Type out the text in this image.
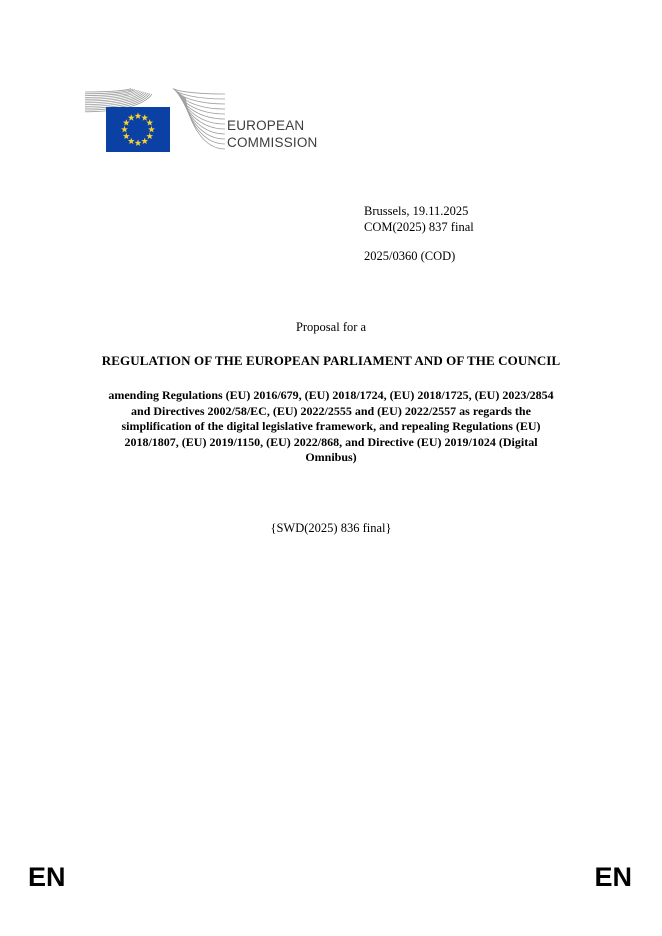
EUROPEAN
COMMISSION
Brussels, 19.11.2025
COM(2025) 837 final
2025/0360 (COD)
Proposal for a
REGULATION OF THE EUROPEAN PARLIAMENT AND OF THE COUNCIL
amending Regulations (EU) 2016/679, (EU) 2018/1724, (EU) 2018/1725, (EU) 2023/2854
and Directives 2002/58/EC, (EU) 2022/2555 and (EU) 2022/2557 as regards the
simplification of the digital legislative framework, and repealing Regulations (EU)
2018/1807, (EU) 2019/1150, (EU) 2022/868, and Directive (EU) 2019/1024 (Digital
Omnibus)
{SWD(2025) 836 final}
EN	EN
